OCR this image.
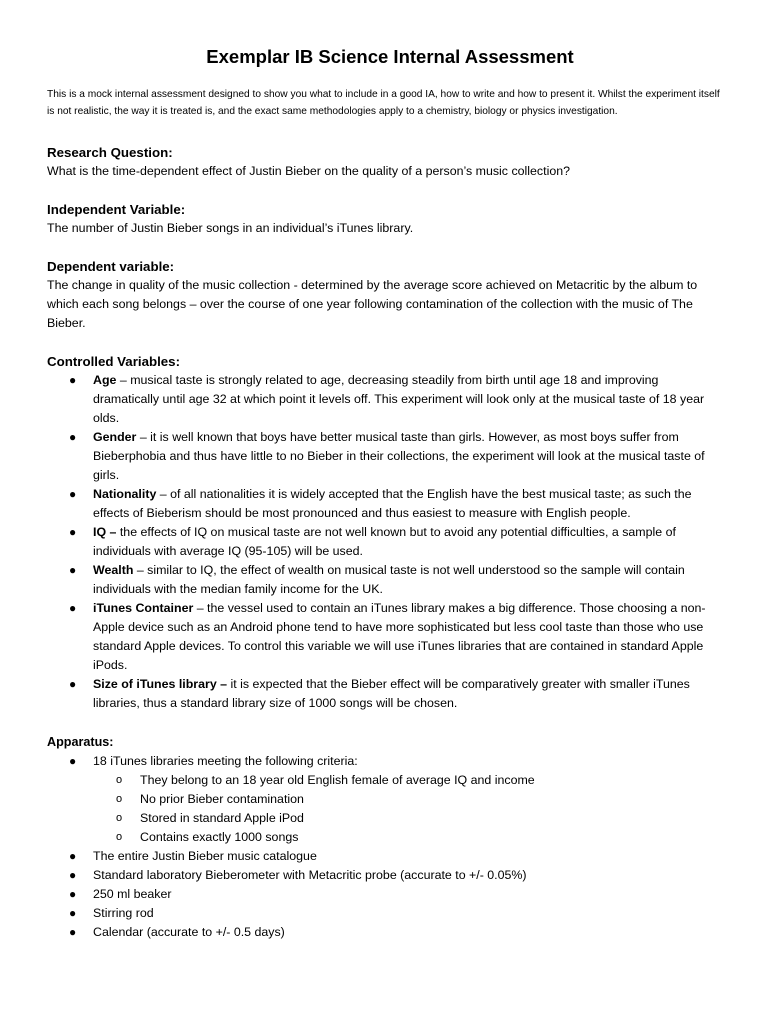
Exemplar IB Science Internal Assessment

This is a mock internal assessment designed to show you what to include in a good IA, how to write and how to present it. Whilst the experiment itself is not realistic, the way it is treated is, and the exact same methodologies apply to a chemistry, biology or physics investigation.

Research Question:

What is the time-dependent effect of Justin Bieber on the quality of a person’s music collection?

Independent Variable:

The number of Justin Bieber songs in an individual’s iTunes library.

Dependent variable:

The change in quality of the music collection - determined by the average score achieved on Metacritic by the album to which each song belongs – over the course of one year following contamination of the collection with the music of The Bieber.

Controlled Variables:
● Age – musical taste is strongly related to age, decreasing steadily from birth until age 18 and improving dramatically until age 32 at which point it levels off. This experiment will look only at the musical taste of 18 year olds.
● Gender – it is well known that boys have better musical taste than girls. However, as most boys suffer from Bieberphobia and thus have little to no Bieber in their collections, the experiment will look at the musical taste of girls.
● Nationality – of all nationalities it is widely accepted that the English have the best musical taste; as such the effects of Bieberism should be most pronounced and thus easiest to measure with English people.
● IQ – the effects of IQ on musical taste are not well known but to avoid any potential difficulties, a sample of individuals with average IQ (95-105) will be used.
● Wealth – similar to IQ, the effect of wealth on musical taste is not well understood so the sample will contain individuals with the median family income for the UK.
● iTunes Container – the vessel used to contain an iTunes library makes a big difference. Those choosing a non-Apple device such as an Android phone tend to have more sophisticated but less cool taste than those who use standard Apple devices. To control this variable we will use iTunes libraries that are contained in standard Apple iPods.
● Size of iTunes library – it is expected that the Bieber effect will be comparatively greater with smaller iTunes libraries, thus a standard library size of 1000 songs will be chosen.
Apparatus:
● 18 iTunes libraries meeting the following criteria:
o They belong to an 18 year old English female of average IQ and income
o No prior Bieber contamination
o Stored in standard Apple iPod
o Contains exactly 1000 songs
● The entire Justin Bieber music catalogue
● Standard laboratory Bieberometer with Metacritic probe (accurate to +/- 0.05%)
● 250 ml beaker
● Stirring rod
● Calendar (accurate to +/- 0.5 days)
